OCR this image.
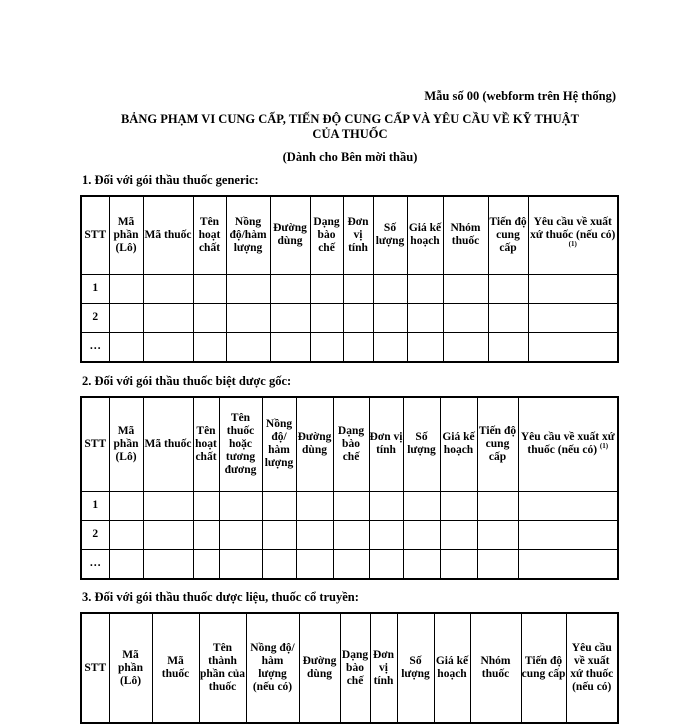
Mẫu số 00 (webform trên Hệ thống)
BẢNG PHẠM VI CUNG CẤP, TIẾN ĐỘ CUNG CẤP VÀ YÊU CẦU VỀ KỸ THUẬT
CỦA THUỐC
(Dành cho Bên mời thầu)
1. Đối với gói thầu thuốc generic:
STT	Mã phần (Lô)	Mã thuốc	Tên hoạt chất	Nồng độ/hàm lượng	Đường dùng	Dạng bào chế	Đơn vị tính	Số lượng	Giá kế hoạch	Nhóm thuốc	Tiến độ cung cấp	Yêu cầu về xuất xứ thuốc (nếu có) $^{(1)}$
1												
2												
…												
2. Đối với gói thầu thuốc biệt dược gốc:
STT	Mã phần (Lô)	Mã thuốc	Tên hoạt chất	Tên thuốc hoặc tương đương	Nồng độ/ hàm lượng	Đường dùng	Dạng bào chế	Đơn vị tính	Số lượng	Giá kế hoạch	Tiến độ cung cấp	Yêu cầu về xuất xứ thuốc (nếu có) $^{(1)}$
1												
2												
…												
3. Đối với gói thầu thuốc dược liệu, thuốc cổ truyền:
STT	Mã phần (Lô)	Mã thuốc	Tên thành phần của thuốc	Nồng độ/ hàm lượng (nếu có)	Đường dùng	Dạng bào chế	Đơn vị tính	Số lượng	Giá kế hoạch	Nhóm thuốc	Tiến độ cung cấp	Yêu cầu về xuất xứ thuốc (nếu có)
